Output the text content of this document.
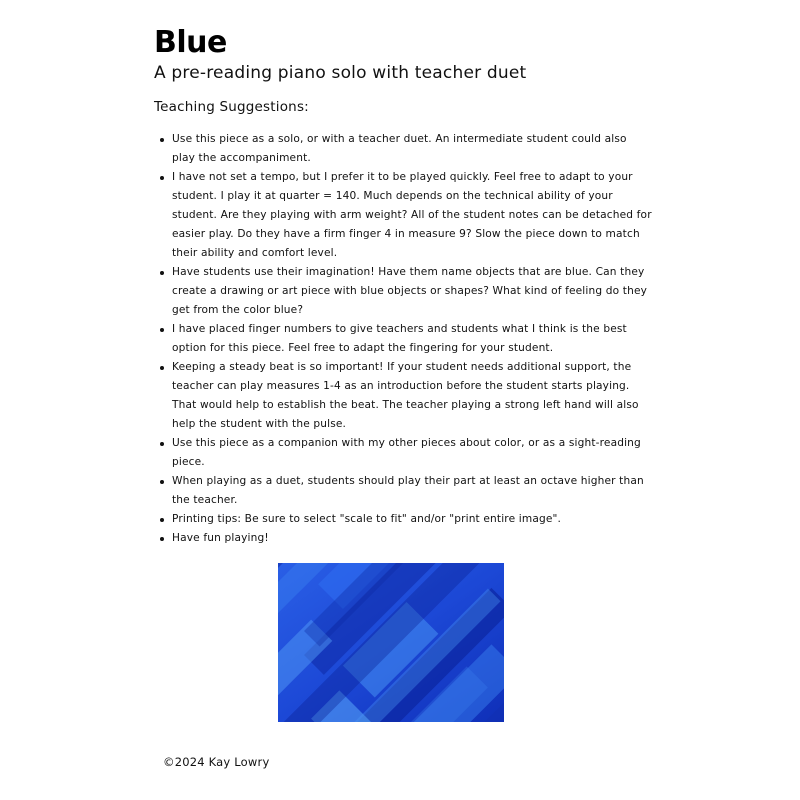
Blue
A pre-reading piano solo with teacher duet
Teaching Suggestions:
Use this piece as a solo, or with a teacher duet. An intermediate student could also play the accompaniment.
I have not set a tempo, but I prefer it to be played quickly. Feel free to adapt to your student. I play it at quarter = 140. Much depends on the technical ability of your student. Are they playing with arm weight? All of the student notes can be detached for easier play. Do they have a firm finger 4 in measure 9? Slow the piece down to match their ability and comfort level.
Have students use their imagination! Have them name objects that are blue. Can they create a drawing or art piece with blue objects or shapes? What kind of feeling do they get from the color blue?
I have placed finger numbers to give teachers and students what I think is the best option for this piece. Feel free to adapt the fingering for your student.
Keeping a steady beat is so important! If your student needs additional support, the teacher can play measures 1-4 as an introduction before the student starts playing. That would help to establish the beat. The teacher playing a strong left hand will also help the student with the pulse.
Use this piece as a companion with my other pieces about color, or as a sight-reading piece.
When playing as a duet, students should play their part at least an octave higher than the teacher.
Printing tips: Be sure to select "scale to fit" and/or "print entire image".
Have fun playing!

©2024 Kay Lowry
